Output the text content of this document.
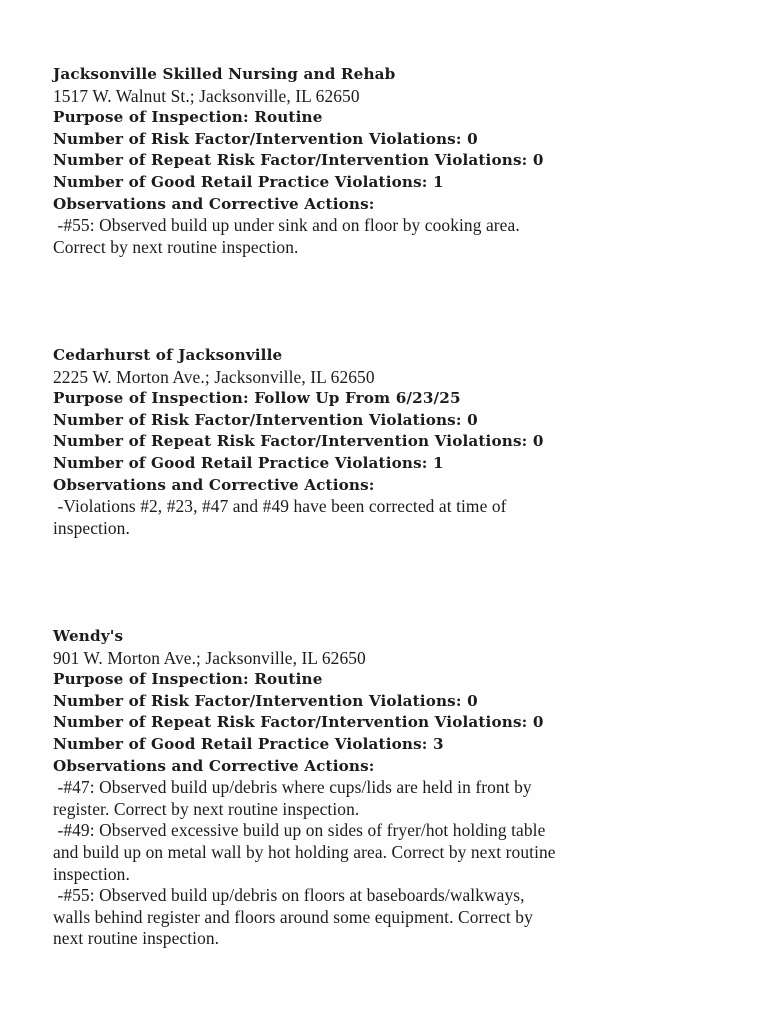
Jacksonville Skilled Nursing and Rehab
1517 W. Walnut St.; Jacksonville, IL 62650
Purpose of Inspection: Routine
Number of Risk Factor/Intervention Violations: 0
Number of Repeat Risk Factor/Intervention Violations: 0
Number of Good Retail Practice Violations: 1
Observations and Corrective Actions:
-#55: Observed build up under sink and on floor by cooking area.
Correct by next routine inspection.
Cedarhurst of Jacksonville
2225 W. Morton Ave.; Jacksonville, IL 62650
Purpose of Inspection: Follow Up From 6/23/25
Number of Risk Factor/Intervention Violations: 0
Number of Repeat Risk Factor/Intervention Violations: 0
Number of Good Retail Practice Violations: 1
Observations and Corrective Actions:
-Violations #2, #23, #47 and #49 have been corrected at time of
inspection.
Wendy's
901 W. Morton Ave.; Jacksonville, IL 62650
Purpose of Inspection: Routine
Number of Risk Factor/Intervention Violations: 0
Number of Repeat Risk Factor/Intervention Violations: 0
Number of Good Retail Practice Violations: 3
Observations and Corrective Actions:
-#47: Observed build up/debris where cups/lids are held in front by
register. Correct by next routine inspection.
-#49: Observed excessive build up on sides of fryer/hot holding table
and build up on metal wall by hot holding area. Correct by next routine
inspection.
-#55: Observed build up/debris on floors at baseboards/walkways,
walls behind register and floors around some equipment. Correct by
next routine inspection.
